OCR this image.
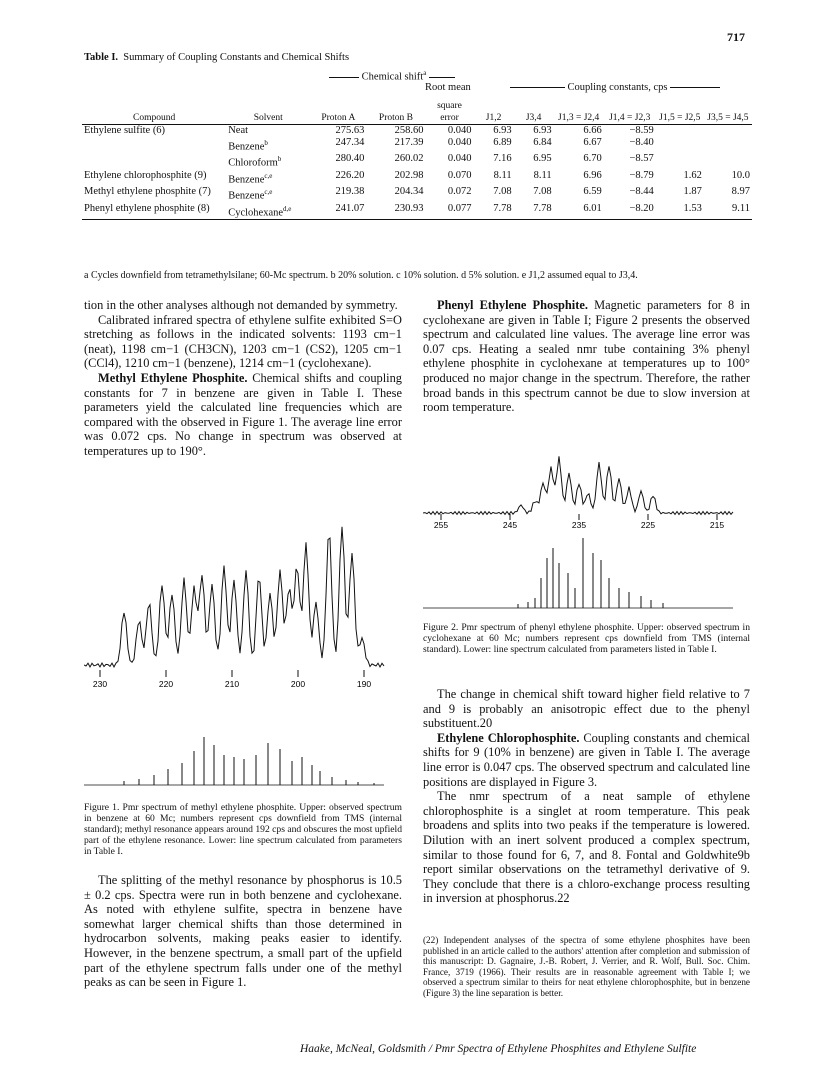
717
Table I. Summary of Coupling Constants and Chemical Shifts
Chemical shift$^a$
Root mean	Coupling constants, cps
Compound	Solvent	Proton A	Proton B	square error	J1,2	J3,4	J1,3 = J2,4	J1,4 = J2,3	J1,5 = J2,5	J3,5 = J4,5
Ethylene sulfite (6)	Neat	275.63	258.60	0.040	6.93	6.93	6.66	−8.59		
	Benzene$^b$	247.34	217.39	0.040	6.89	6.84	6.67	−8.40		
	Chloroform$^b$	280.40	260.02	0.040	7.16	6.95	6.70	−8.57		
Ethylene chlorophosphite (9)	Benzene$^{c,e}$	226.20	202.98	0.070	8.11	8.11	6.96	−8.79	1.62	10.0
Methyl ethylene phosphite (7)	Benzene$^{c,e}$	219.38	204.34	0.072	7.08	7.08	6.59	−8.44	1.87	8.97
Phenyl ethylene phosphite (8)	Cyclohexane$^{d,e}$	241.07	230.93	0.077	7.78	7.78	6.01	−8.20	1.53	9.11
a Cycles downfield from tetramethylsilane; 60-Mc spectrum. b 20% solution. c 10% solution. d 5% solution. e J1,2 assumed equal to J3,4.

tion in the other analyses although not demanded by symmetry.

Calibrated infrared spectra of ethylene sulfite exhibited S=O stretching as follows in the indicated solvents: 1193 cm−1 (neat), 1198 cm−1 (CH3CN), 1203 cm−1 (CS2), 1205 cm−1 (CCl4), 1210 cm−1 (benzene), 1214 cm−1 (cyclohexane).

Methyl Ethylene Phosphite. Chemical shifts and coupling constants for 7 in benzene are given in Table I. These parameters yield the calculated line frequencies which are compared with the observed in Figure 1. The average line error was 0.072 cps. No change in spectrum was observed at temperatures up to 190°.

230	220	210	200	190
Figure 1. Pmr spectrum of methyl ethylene phosphite. Upper: observed spectrum in benzene at 60 Mc; numbers represent cps downfield from TMS (internal standard); methyl resonance appears around 192 cps and obscures the most upfield part of the ethylene resonance. Lower: line spectrum calculated from parameters in Table I.

The splitting of the methyl resonance by phosphorus is 10.5 ± 0.2 cps. Spectra were run in both benzene and cyclohexane. As noted with ethylene sulfite, spectra in benzene have somewhat larger chemical shifts than those determined in hydrocarbon solvents, making peaks easier to identify. However, in the benzene spectrum, a small part of the upfield part of the ethylene spectrum falls under one of the methyl peaks as can be seen in Figure 1.

Phenyl Ethylene Phosphite. Magnetic parameters for 8 in cyclohexane are given in Table I; Figure 2 presents the observed spectrum and calculated line values. The average line error was 0.07 cps. Heating a sealed nmr tube containing 3% phenyl ethylene phosphite in cyclohexane at temperatures up to 100° produced no major change in the spectrum. Therefore, the rather broad bands in this spectrum cannot be due to slow inversion at room temperature.

255	245	235	225	215
Figure 2. Pmr spectrum of phenyl ethylene phosphite. Upper: observed spectrum in cyclohexane at 60 Mc; numbers represent cps downfield from TMS (internal standard). Lower: line spectrum calculated from parameters listed in Table I.

The change in chemical shift toward higher field relative to 7 and 9 is probably an anisotropic effect due to the phenyl substituent.20

Ethylene Chlorophosphite. Coupling constants and chemical shifts for 9 (10% in benzene) are given in Table I. The average line error is 0.047 cps. The observed spectrum and calculated line positions are displayed in Figure 3.

The nmr spectrum of a neat sample of ethylene chlorophosphite is a singlet at room temperature. This peak broadens and splits into two peaks if the temperature is lowered. Dilution with an inert solvent produced a complex spectrum, similar to those found for 6, 7, and 8. Fontal and Goldwhite9b report similar observations on the tetramethyl derivative of 9. They conclude that there is a chloro-exchange process resulting in inversion at phosphorus.22

(22) Independent analyses of the spectra of some ethylene phosphites have been published in an article called to the authors' attention after completion and submission of this manuscript: D. Gagnaire, J.-B. Robert, J. Verrier, and R. Wolf, Bull. Soc. Chim. France, 3719 (1966). Their results are in reasonable agreement with Table I; we observed a spectrum similar to theirs for neat ethylene chlorophosphite, but in benzene (Figure 3) the line separation is better.
Haake, McNeal, Goldsmith / Pmr Spectra of Ethylene Phosphites and Ethylene Sulfite
